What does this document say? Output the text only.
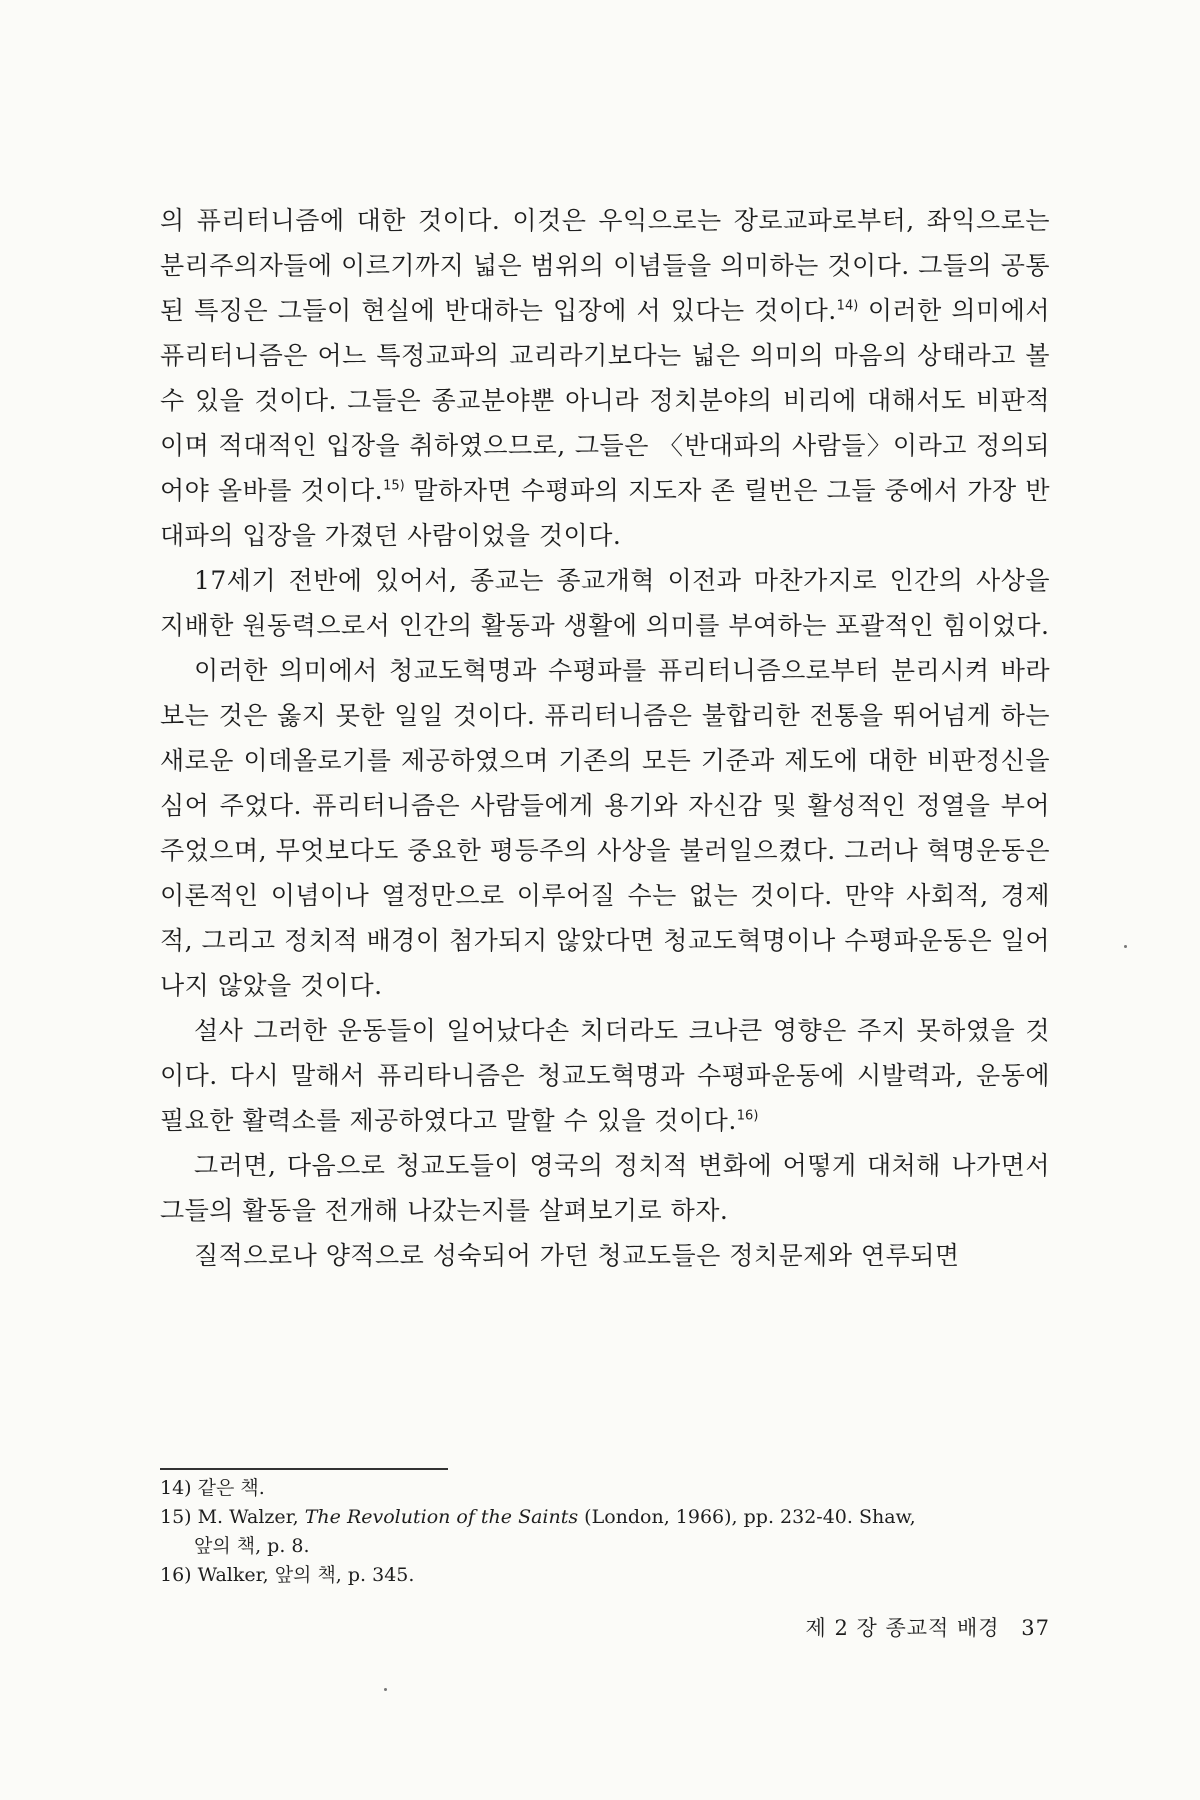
의 퓨리터니즘에 대한 것이다. 이것은 우익으로는 장로교파로부터, 좌익으로는 분리주의자들에 이르기까지 넓은 범위의 이념들을 의미하는 것이다. 그들의 공통된 특징은 그들이 현실에 반대하는 입장에 서 있다는 것이다.$^{14)}$ 이러한 의미에서 퓨리터니즘은 어느 특정교파의 교리라기보다는 넓은 의미의 마음의 상태라고 볼 수 있을 것이다. 그들은 종교분야뿐 아니라 정치분야의 비리에 대해서도 비판적이며 적대적인 입장을 취하였으므로, 그들은 〈반대파의 사람들〉이라고 정의되어야 올바를 것이다.$^{15)}$ 말하자면 수평파의 지도자 존 릴번은 그들 중에서 가장 반대파의 입장을 가졌던 사람이었을 것이다.

17세기 전반에 있어서, 종교는 종교개혁 이전과 마찬가지로 인간의 사상을 지배한 원동력으로서 인간의 활동과 생활에 의미를 부여하는 포괄적인 힘이었다.

이러한 의미에서 청교도혁명과 수평파를 퓨리터니즘으로부터 분리시켜 바라보는 것은 옳지 못한 일일 것이다. 퓨리터니즘은 불합리한 전통을 뛰어넘게 하는 새로운 이데올로기를 제공하였으며 기존의 모든 기준과 제도에 대한 비판정신을 심어 주었다. 퓨리터니즘은 사람들에게 용기와 자신감 및 활성적인 정열을 부어 주었으며, 무엇보다도 중요한 평등주의 사상을 불러일으켰다. 그러나 혁명운동은 이론적인 이념이나 열정만으로 이루어질 수는 없는 것이다. 만약 사회적, 경제적, 그리고 정치적 배경이 첨가되지 않았다면 청교도혁명이나 수평파운동은 일어나지 않았을 것이다.

설사 그러한 운동들이 일어났다손 치더라도 크나큰 영향은 주지 못하였을 것이다. 다시 말해서 퓨리타니즘은 청교도혁명과 수평파운동에 시발력과, 운동에 필요한 활력소를 제공하였다고 말할 수 있을 것이다.$^{16)}$

그러면, 다음으로 청교도들이 영국의 정치적 변화에 어떻게 대처해 나가면서 그들의 활동을 전개해 나갔는지를 살펴보기로 하자.

질적으로나 양적으로 성숙되어 가던 청교도들은 정치문제와 연루되면

14) 같은 책.
15) M. Walzer, The Revolution of the Saints (London, 1966), pp. 232-40. Shaw,
앞의 책, p. 8.
16) Walker, 앞의 책, p. 345.
제 2 장 종교적 배경 37
